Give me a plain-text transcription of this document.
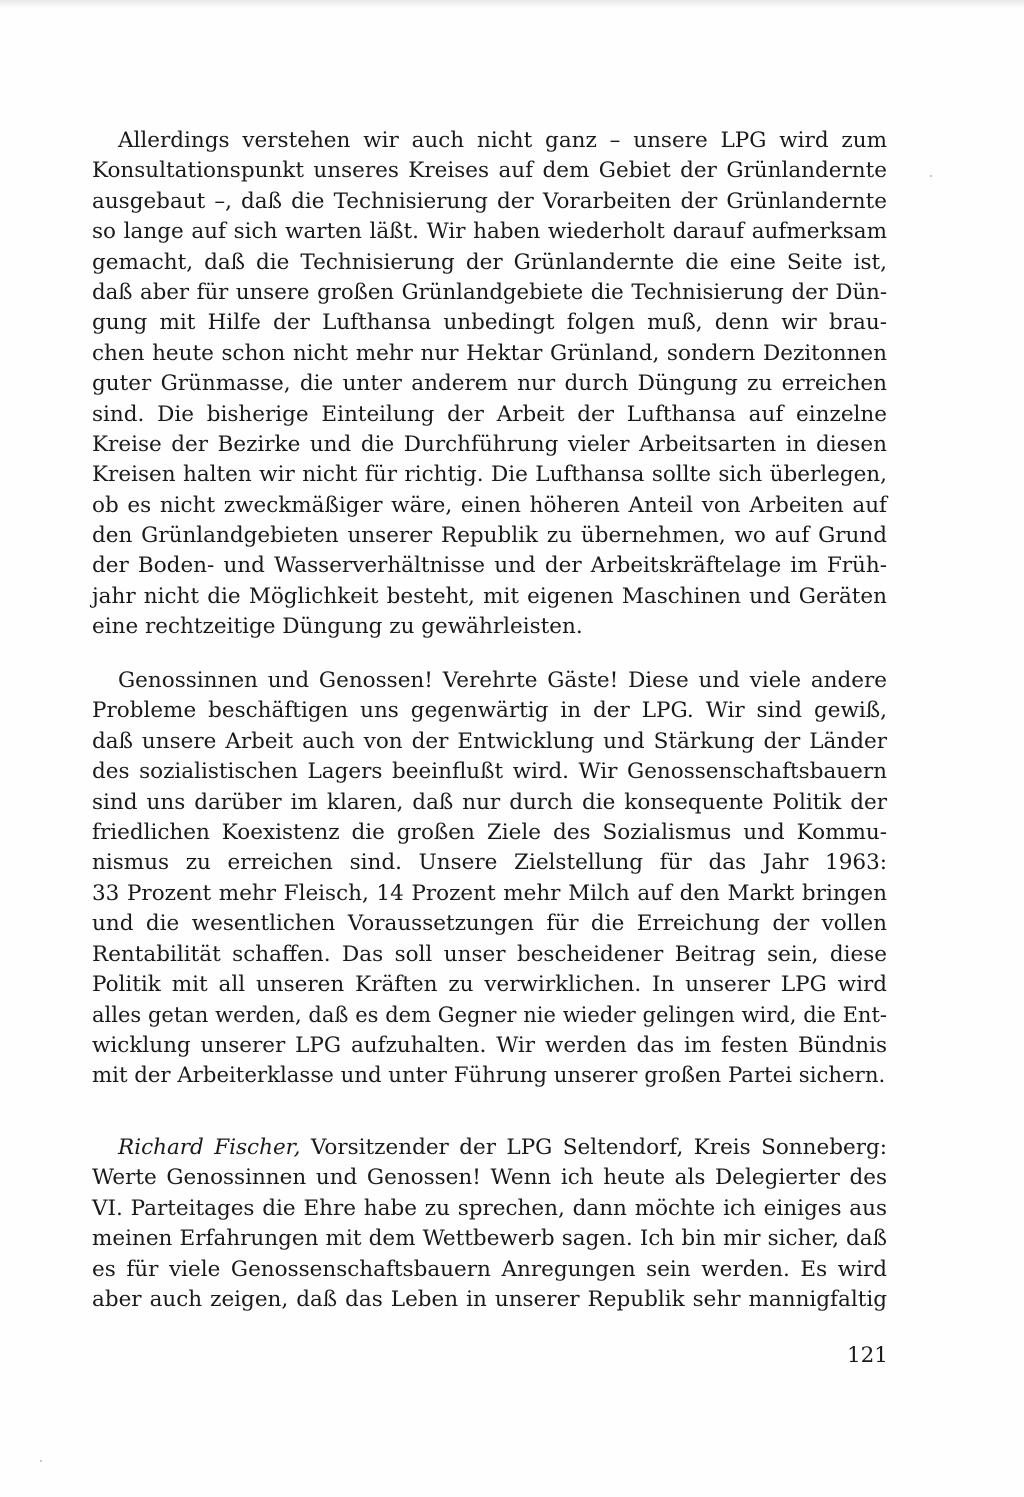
Allerdings verstehen wir auch nicht ganz – unsere LPG wird zum
Konsultationspunkt unseres Kreises auf dem Gebiet der Grünlandernte
ausgebaut –, daß die Technisierung der Vorarbeiten der Grünlandernte
so lange auf sich warten läßt. Wir haben wiederholt darauf aufmerksam
gemacht, daß die Technisierung der Grünlandernte die eine Seite ist,
daß aber für unsere großen Grünlandgebiete die Technisierung der Dün-
gung mit Hilfe der Lufthansa unbedingt folgen muß, denn wir brau-
chen heute schon nicht mehr nur Hektar Grünland, sondern Dezitonnen
guter Grünmasse, die unter anderem nur durch Düngung zu erreichen
sind. Die bisherige Einteilung der Arbeit der Lufthansa auf einzelne
Kreise der Bezirke und die Durchführung vieler Arbeitsarten in diesen
Kreisen halten wir nicht für richtig. Die Lufthansa sollte sich überlegen,
ob es nicht zweckmäßiger wäre, einen höheren Anteil von Arbeiten auf
den Grünlandgebieten unserer Republik zu übernehmen, wo auf Grund
der Boden- und Wasserverhältnisse und der Arbeitskräftelage im Früh-
jahr nicht die Möglichkeit besteht, mit eigenen Maschinen und Geräten
eine rechtzeitige Düngung zu gewährleisten.
Genossinnen und Genossen! Verehrte Gäste! Diese und viele andere
Probleme beschäftigen uns gegenwärtig in der LPG. Wir sind gewiß,
daß unsere Arbeit auch von der Entwicklung und Stärkung der Länder
des sozialistischen Lagers beeinflußt wird. Wir Genossenschaftsbauern
sind uns darüber im klaren, daß nur durch die konsequente Politik der
friedlichen Koexistenz die großen Ziele des Sozialismus und Kommu-
nismus zu erreichen sind. Unsere Zielstellung für das Jahr 1963:
33 Prozent mehr Fleisch, 14 Prozent mehr Milch auf den Markt bringen
und die wesentlichen Voraussetzungen für die Erreichung der vollen
Rentabilität schaffen. Das soll unser bescheidener Beitrag sein, diese
Politik mit all unseren Kräften zu verwirklichen. In unserer LPG wird
alles getan werden, daß es dem Gegner nie wieder gelingen wird, die Ent-
wicklung unserer LPG aufzuhalten. Wir werden das im festen Bündnis
mit der Arbeiterklasse und unter Führung unserer großen Partei sichern.
Richard Fischer, Vorsitzender der LPG Seltendorf, Kreis Sonneberg:
Werte Genossinnen und Genossen! Wenn ich heute als Delegierter des
VI. Parteitages die Ehre habe zu sprechen, dann möchte ich einiges aus
meinen Erfahrungen mit dem Wettbewerb sagen. Ich bin mir sicher, daß
es für viele Genossenschaftsbauern Anregungen sein werden. Es wird
aber auch zeigen, daß das Leben in unserer Republik sehr mannigfaltig
121
